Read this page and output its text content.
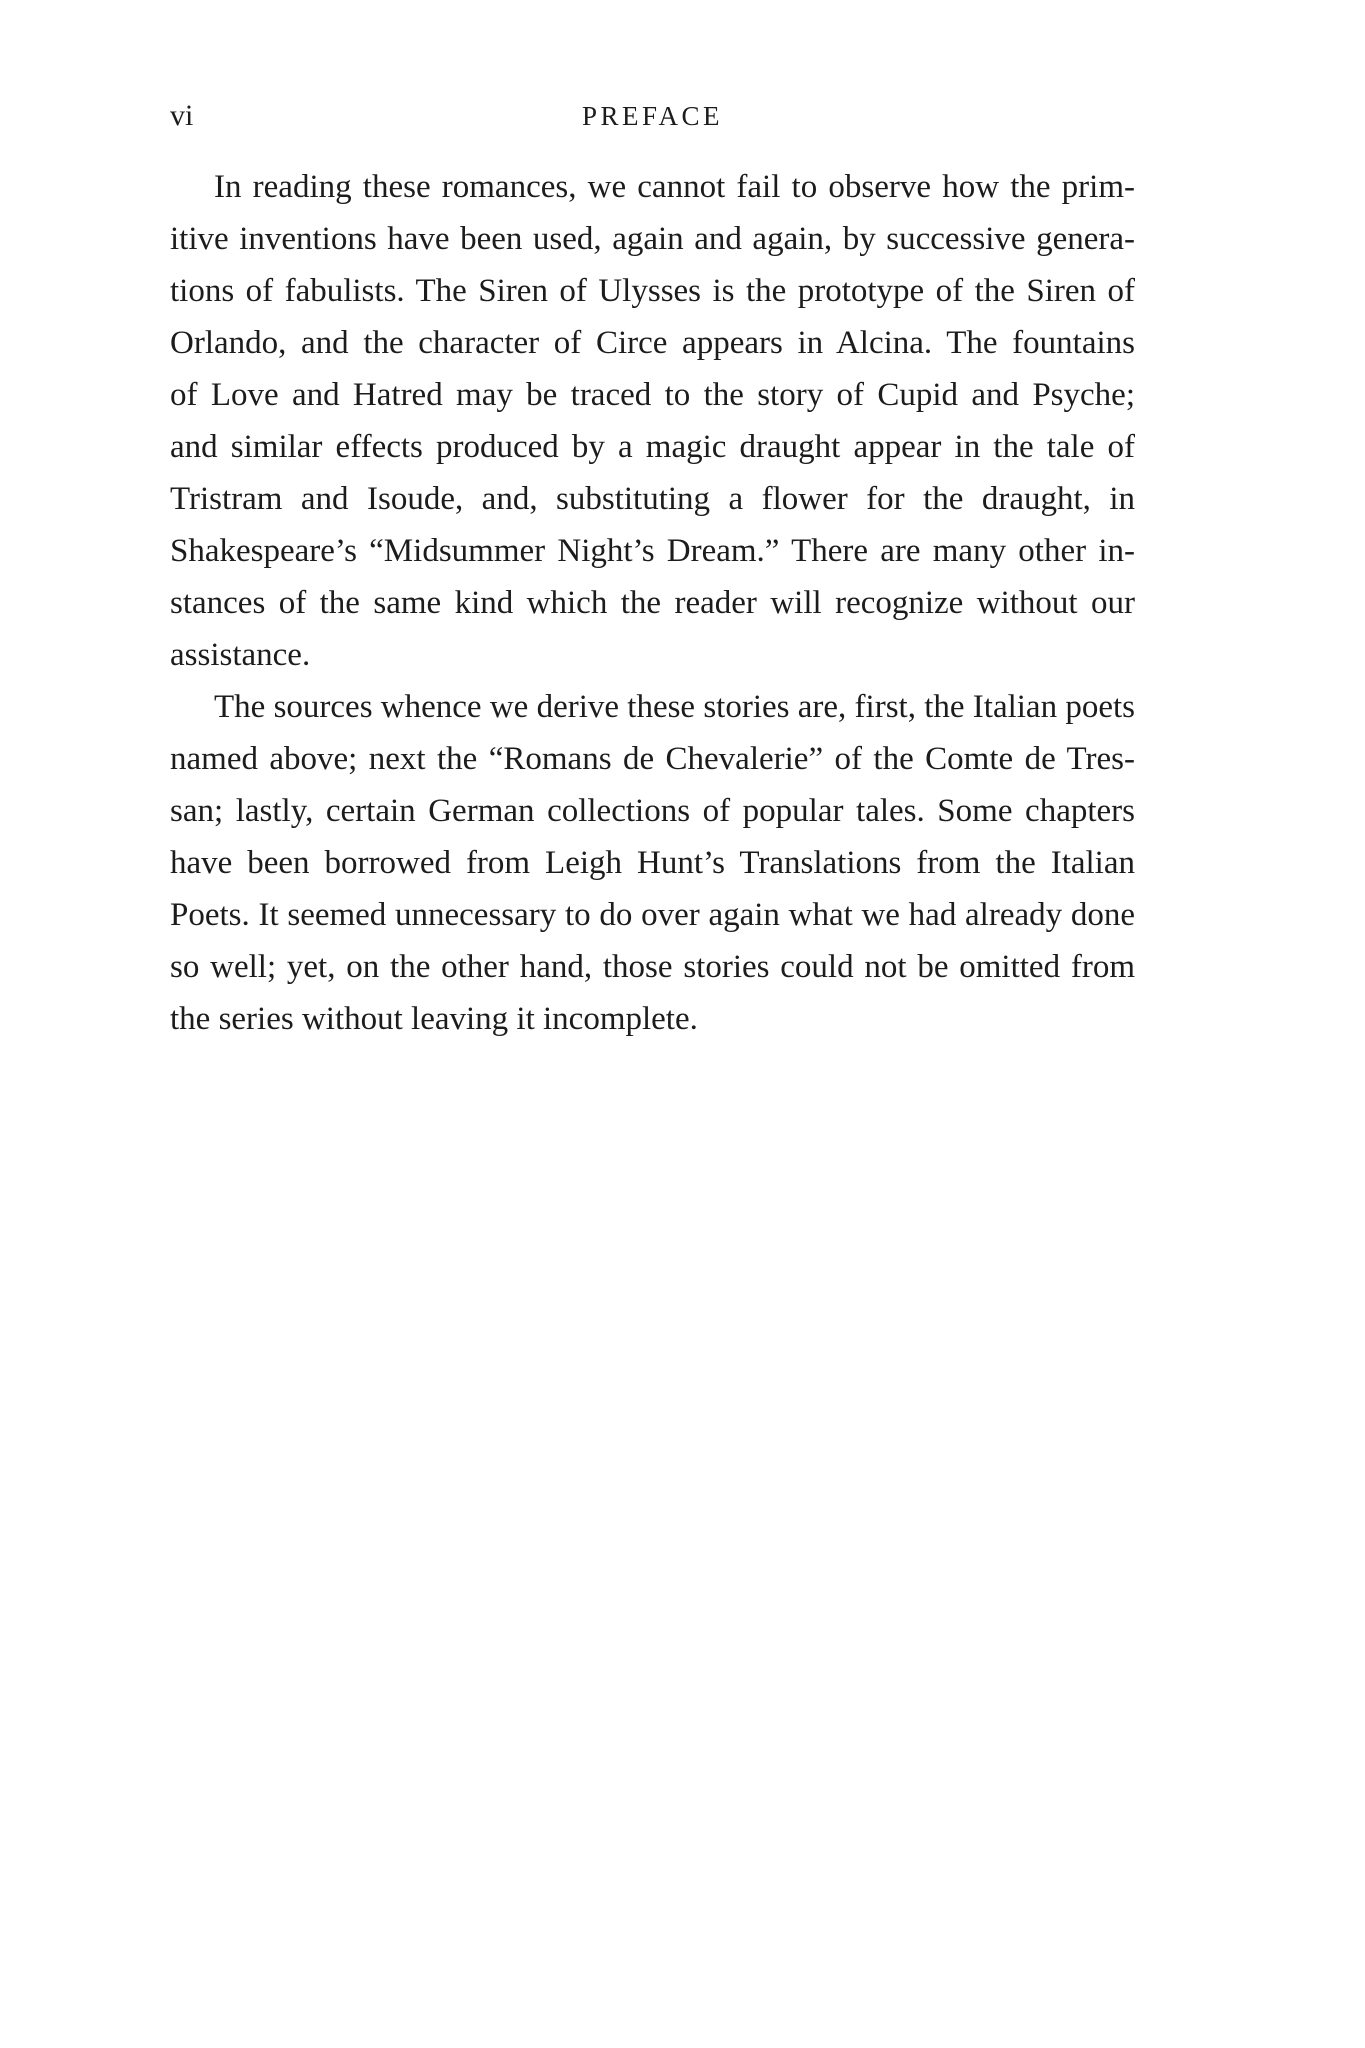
vi	PREFACE

In reading these romances, we cannot fail to observe how the prim-
itive inventions have been used, again and again, by successive genera-
tions of fabulists. The Siren of Ulysses is the prototype of the Siren of
Orlando, and the character of Circe appears in Alcina. The fountains
of Love and Hatred may be traced to the story of Cupid and Psyche;
and similar effects produced by a magic draught appear in the tale of
Tristram and Isoude, and, substituting a flower for the draught, in
Shakespeare’s “Midsummer Night’s Dream.” There are many other in-
stances of the same kind which the reader will recognize without our
assistance.

The sources whence we derive these stories are, first, the Italian poets
named above; next the “Romans de Chevalerie” of the Comte de Tres-
san; lastly, certain German collections of popular tales. Some chapters
have been borrowed from Leigh Hunt’s Translations from the Italian
Poets. It seemed unnecessary to do over again what we had already done
so well; yet, on the other hand, those stories could not be omitted from
the series without leaving it incomplete.
